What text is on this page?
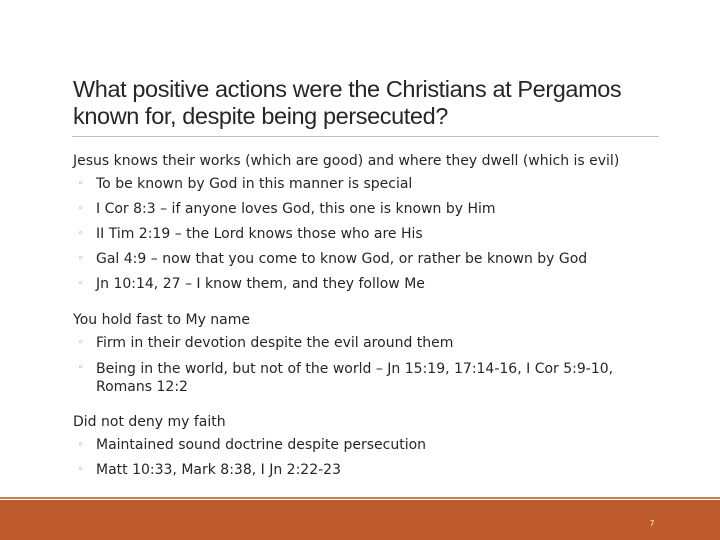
What positive actions were the Christians at Pergamos known for, despite being persecuted?
Jesus knows their works (which are good) and where they dwell (which is evil)
◦ To be known by God in this manner is special
◦ I Cor 8:3 – if anyone loves God, this one is known by Him
◦ II Tim 2:19 – the Lord knows those who are His
◦ Gal 4:9 – now that you come to know God, or rather be known by God
◦ Jn 10:14, 27 – I know them, and they follow Me
You hold fast to My name
◦ Firm in their devotion despite the evil around them
◦ Being in the world, but not of the world – Jn 15:19, 17:14-16, I Cor 5:9-10, Romans 12:2
Did not deny my faith
◦ Maintained sound doctrine despite persecution
◦ Matt 10:33, Mark 8:38, I Jn 2:22-23
7
